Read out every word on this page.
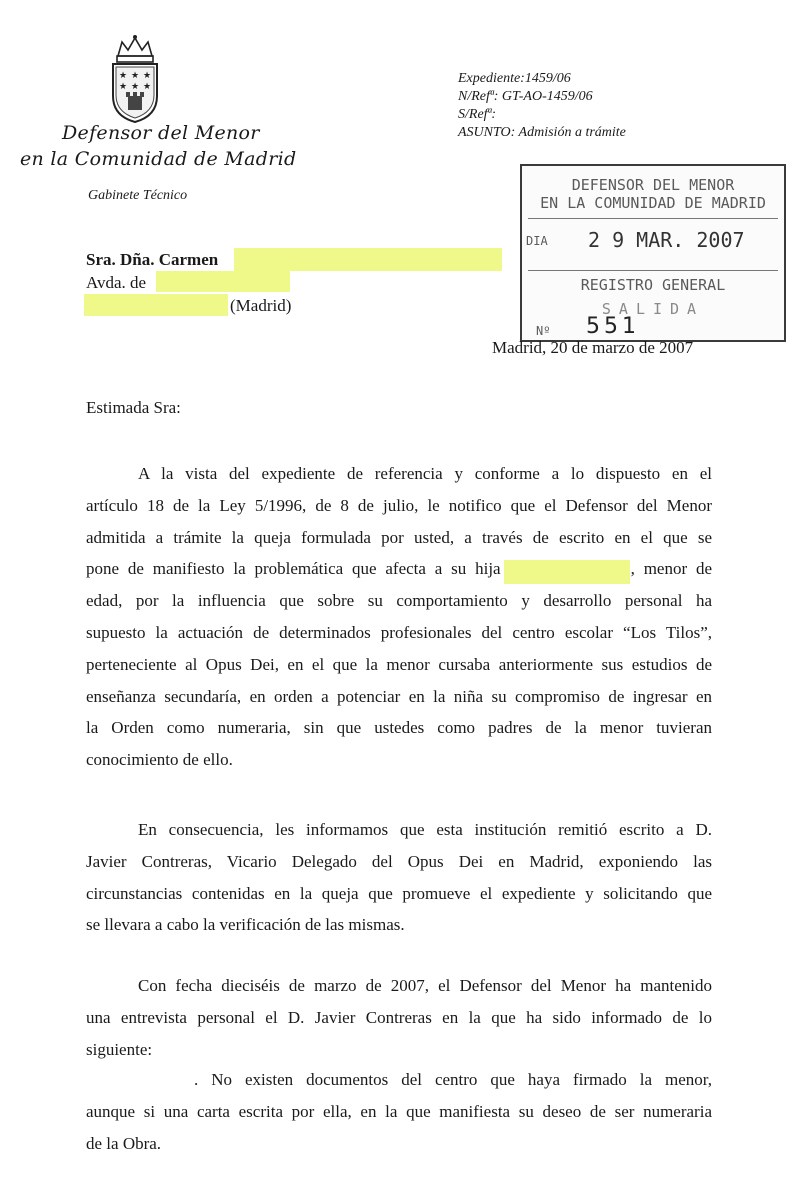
★ ★ ★
★ ★ ★
Defensor del Menor
en la Comunidad de Madrid
Gabinete Técnico
Expediente:1459/06
N/Refª: GT-AO-1459/06
S/Refª:
ASUNTO: Admisión a trámite
DEFENSOR DEL MENOR
EN LA COMUNIDAD DE MADRID
DIA 2 9 MAR. 2007
REGISTRO GENERAL
SALIDA
Nº 551
Sra. Dña. Carmen
Avda. de
(Madrid)
Madrid, 20 de marzo de 2007
Estimada Sra:
A la vista del expediente de referencia y conforme a lo dispuesto en el
artículo 18 de la Ley 5/1996, de 8 de julio, le notifico que el Defensor del Menor
admitida a trámite la queja formulada por usted, a través de escrito en el que se
pone de manifiesto la problemática que afecta a su hija	, menor de
edad, por la influencia que sobre su comportamiento y desarrollo personal ha
supuesto la actuación de determinados profesionales del centro escolar “Los Tilos”,
perteneciente al Opus Dei, en el que la menor cursaba anteriormente sus estudios de
enseñanza secundaría, en orden a potenciar en la niña su compromiso de ingresar en
la Orden como numeraria, sin que ustedes como padres de la menor tuvieran
conocimiento de ello.
En consecuencia, les informamos que esta institución remitió escrito a D.
Javier Contreras, Vicario Delegado del Opus Dei en Madrid, exponiendo las
circunstancias contenidas en la queja que promueve el expediente y solicitando que
se llevara a cabo la verificación de las mismas.
Con fecha dieciséis de marzo de 2007, el Defensor del Menor ha mantenido
una entrevista personal el D. Javier Contreras en la que ha sido informado de lo
siguiente:
. No existen documentos del centro que haya firmado la menor,
aunque si una carta escrita por ella, en la que manifiesta su deseo de ser numeraria
de la Obra.
